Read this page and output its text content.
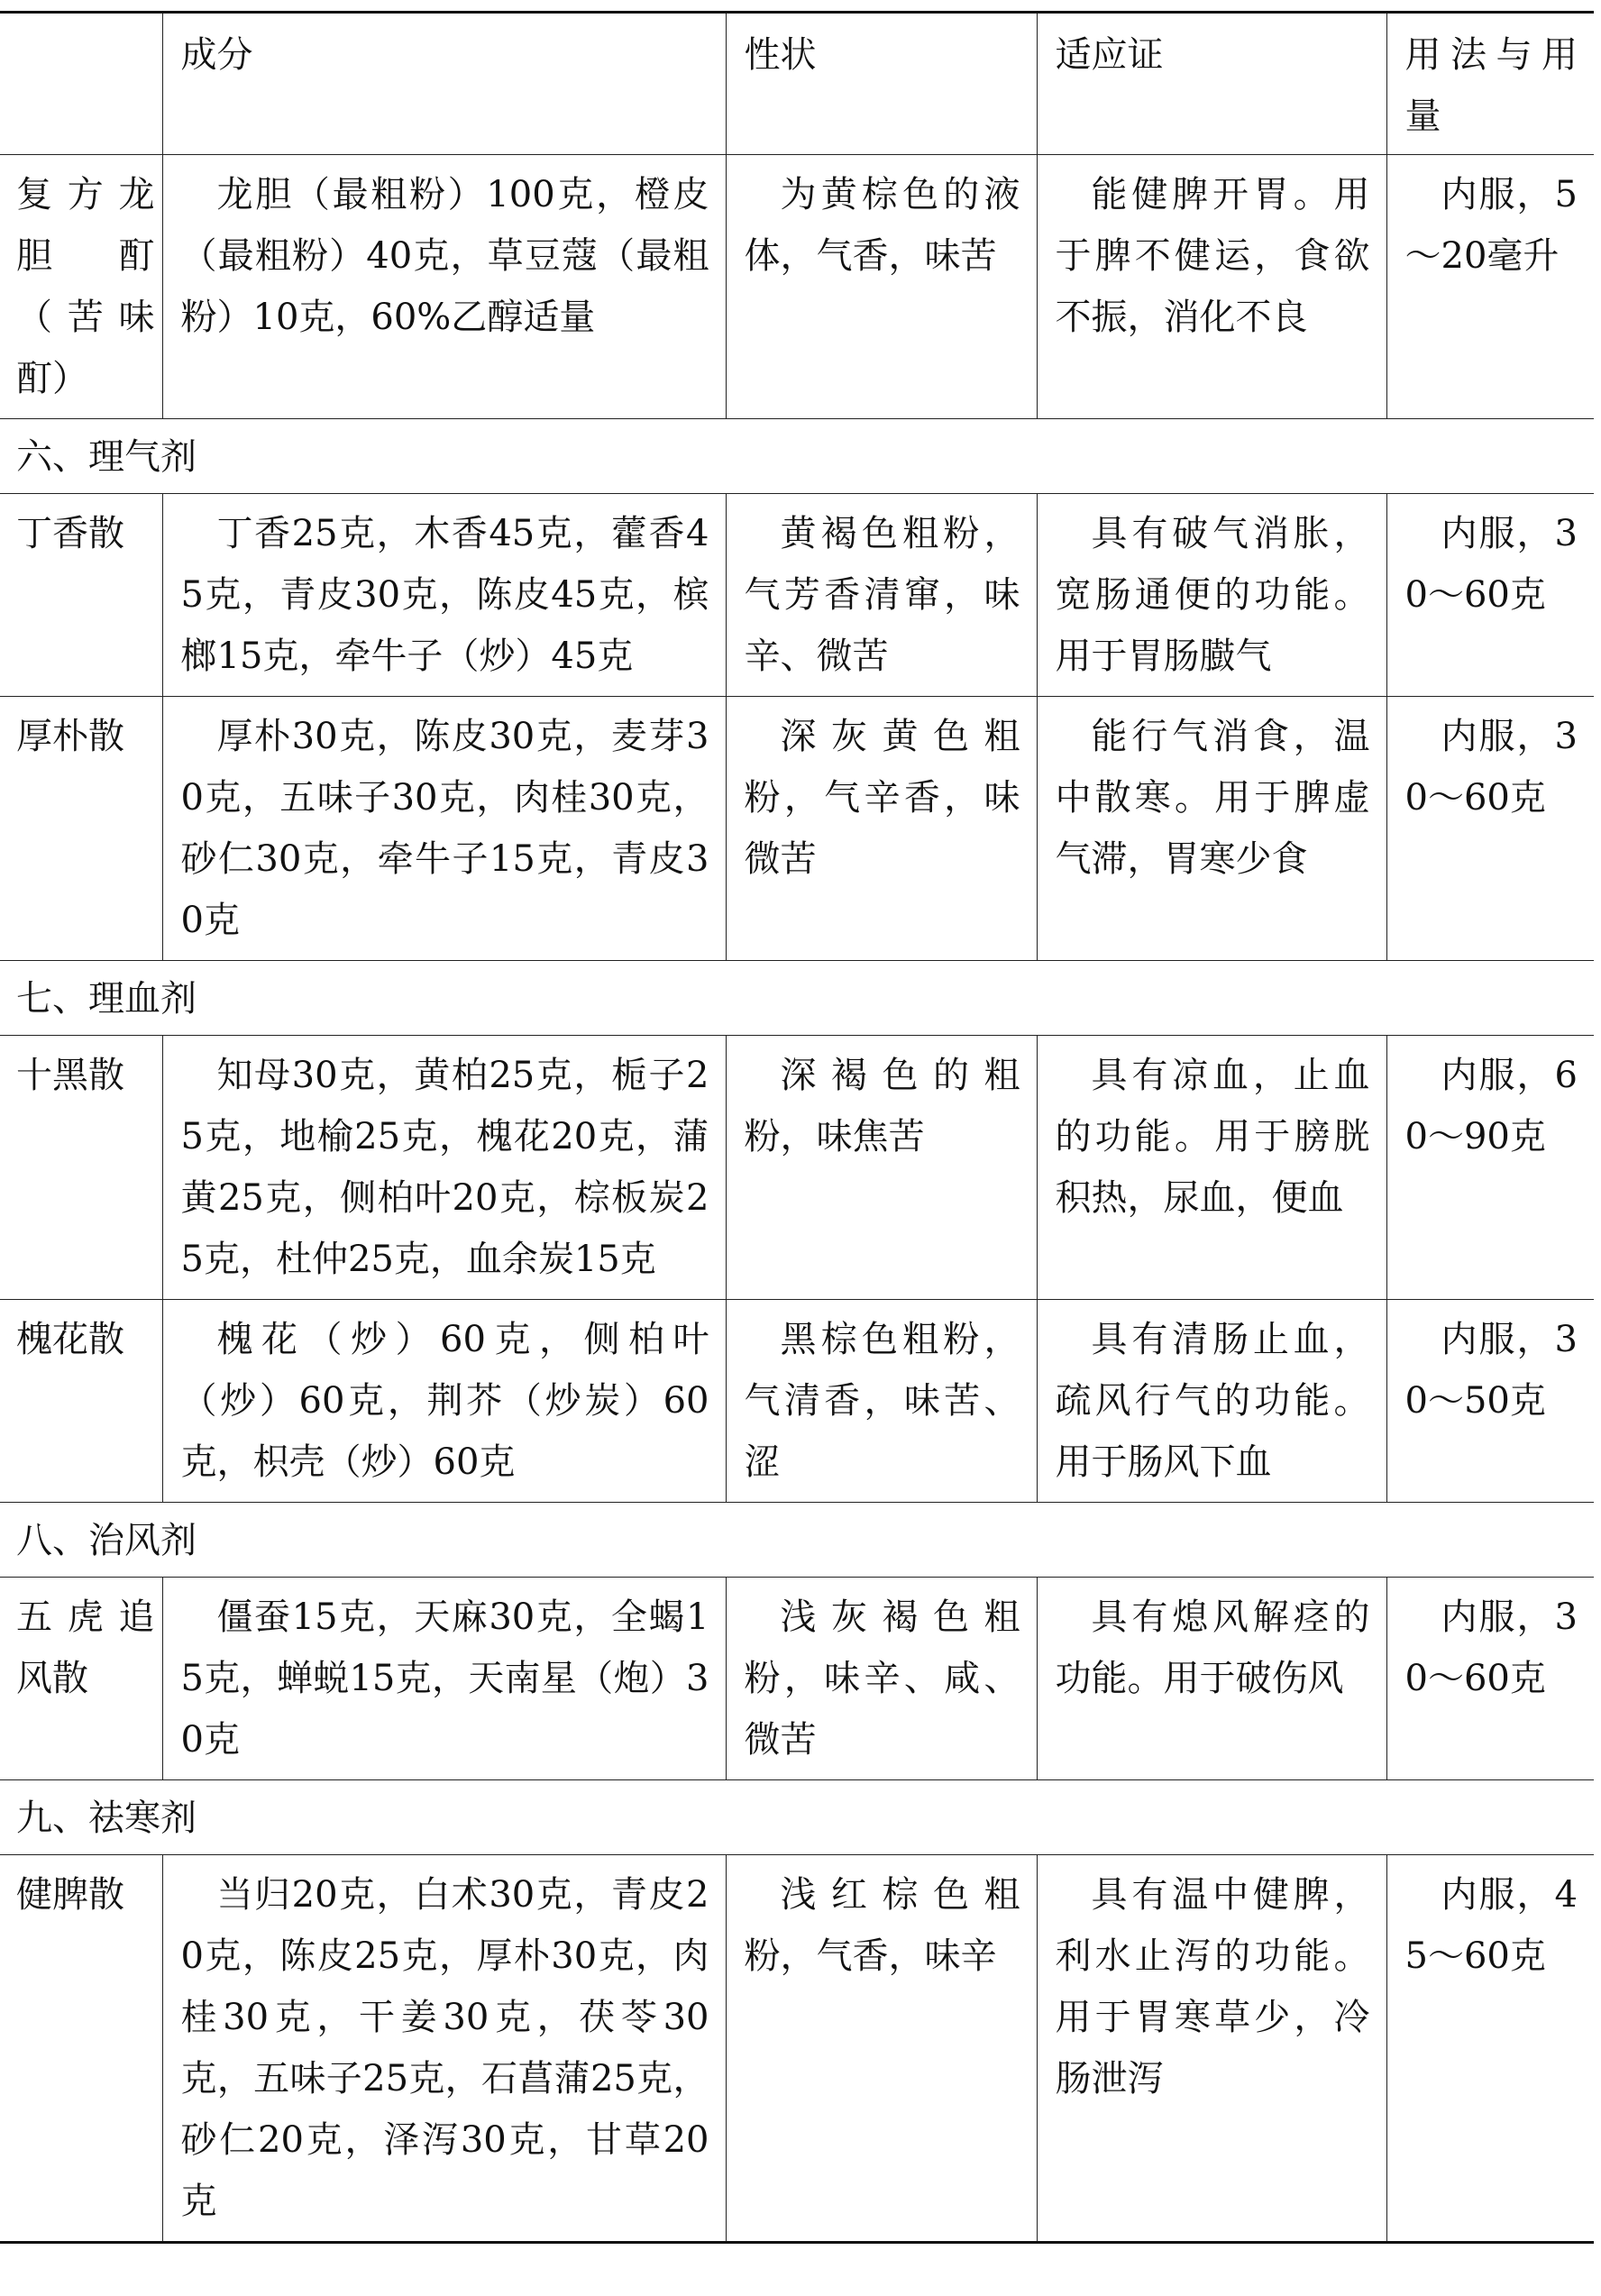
	成分	性状	适应证	用法与用量
复方龙胆酊（苦味酊）	龙胆（最粗粉）100克，橙皮（最粗粉）40克，草豆蔻（最粗粉）10克，60%乙醇适量	为黄棕色的液体，气香，味苦	能健脾开胃。用于脾不健运，食欲不振，消化不良	内服，5～20毫升
六、理气剂				
丁香散	丁香25克，木香45克，藿香45克，青皮30克，陈皮45克，槟榔15克，牵牛子（炒）45克	黄褐色粗粉，气芳香清窜，味辛、微苦	具有破气消胀，宽肠通便的功能。用于胃肠臌气	内服，30～60克
厚朴散	厚朴30克，陈皮30克，麦芽30克，五味子30克，肉桂30克，砂仁30克，牵牛子15克，青皮30克	深灰黄色粗粉，气辛香，味微苦	能行气消食，温中散寒。用于脾虚气滞，胃寒少食	内服，30～60克
七、理血剂				
十黑散	知母30克，黄柏25克，栀子25克，地榆25克，槐花20克，蒲黄25克，侧柏叶20克，棕板炭25克，杜仲25克，血余炭15克	深褐色的粗粉，味焦苦	具有凉血，止血的功能。用于膀胱积热，尿血，便血	内服，60～90克
槐花散	槐花（炒）60克，侧柏叶（炒）60克，荆芥（炒炭）60克，枳壳（炒）60克	黑棕色粗粉，气清香，味苦、涩	具有清肠止血，疏风行气的功能。用于肠风下血	内服，30～50克
八、治风剂				
五虎追风散	僵蚕15克，天麻30克，全蝎15克，蝉蜕15克，天南星（炮）30克	浅灰褐色粗粉，味辛、咸、微苦	具有熄风解痉的功能。用于破伤风	内服，30～60克
九、祛寒剂				
健脾散	当归20克，白术30克，青皮20克，陈皮25克，厚朴30克，肉桂30克，干姜30克，茯苓30克，五味子25克，石菖蒲25克，砂仁20克，泽泻30克，甘草20克	浅红棕色粗粉，气香，味辛	具有温中健脾，利水止泻的功能。用于胃寒草少，冷肠泄泻	内服，45～60克
